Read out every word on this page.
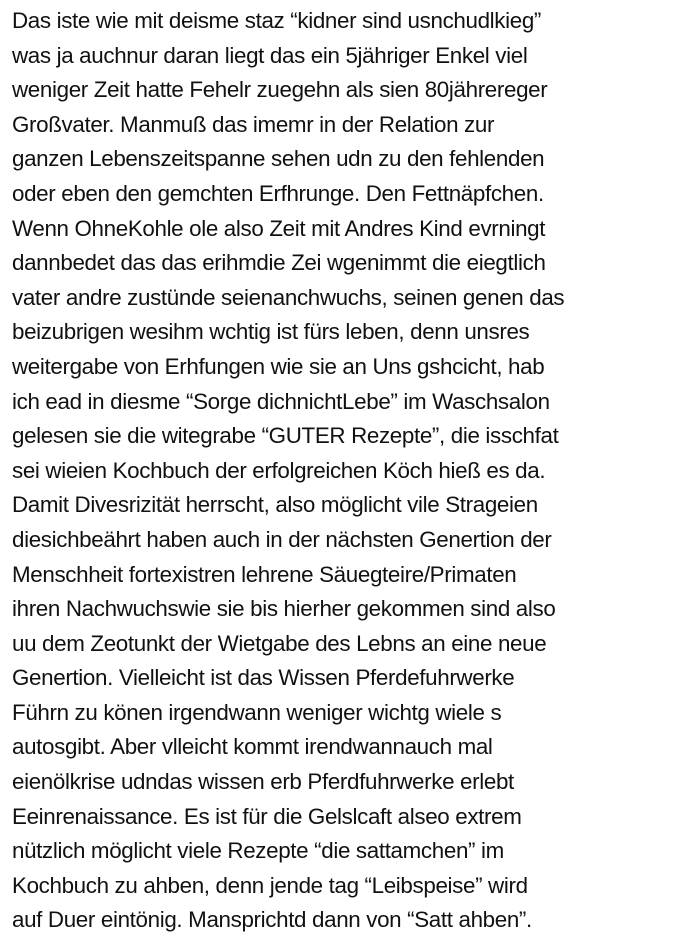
Das iste wie mit deisme staz “kidner sind usnchudlkieg”
was ja auchnur daran liegt das ein 5jähriger Enkel viel
weniger Zeit hatte Fehelr zuegehn als sien 80jährereger
Großvater. Manmuß das imemr in der Relation zur
ganzen Lebenszeitspanne sehen udn zu den fehlenden
oder eben den gemchten Erfhrunge. Den Fettnäpfchen.
Wenn OhneKohle ole also Zeit mit Andres Kind evrningt
dannbedet das das erihmdie Zei wgenimmt die eiegtlich
vater andre zustünde seienanchwuchs, seinen genen das
beizubrigen wesihm wchtig ist fürs leben, denn unsres
weitergabe von Erhfungen wie sie an Uns gshcicht, hab
ich ead in diesme “Sorge dichnichtLebe” im Waschsalon
gelesen sie die witegrabe “GUTER Rezepte”, die isschfat
sei wieien Kochbuch der erfolgreichen Köch hieß es da.
Damit Divesrizität herrscht, also möglicht vile Strageien
diesichbeährt haben auch in der nächsten Genertion der
Menschheit fortexistren lehrene Säuegteire/Primaten
ihren Nachwuchswie sie bis hierher gekommen sind also
uu dem Zeotunkt der Wietgabe des Lebns an eine neue
Genertion. Vielleicht ist das Wissen Pferdefuhrwerke
Führn zu könen irgendwann weniger wichtg wiele s
autosgibt. Aber vlleicht kommt irendwannauch mal
eienölkrise udndas wissen erb Pferdfuhrwerke erlebt
Eeinrenaissance. Es ist für die Gelslcaft alseo extrem
nützlich möglicht viele Rezepte “die sattamchen” im
Kochbuch zu ahben, denn jende tag “Leibspeise” wird
auf Duer eintönig. Mansprichtd dann von “Satt ahben”.
